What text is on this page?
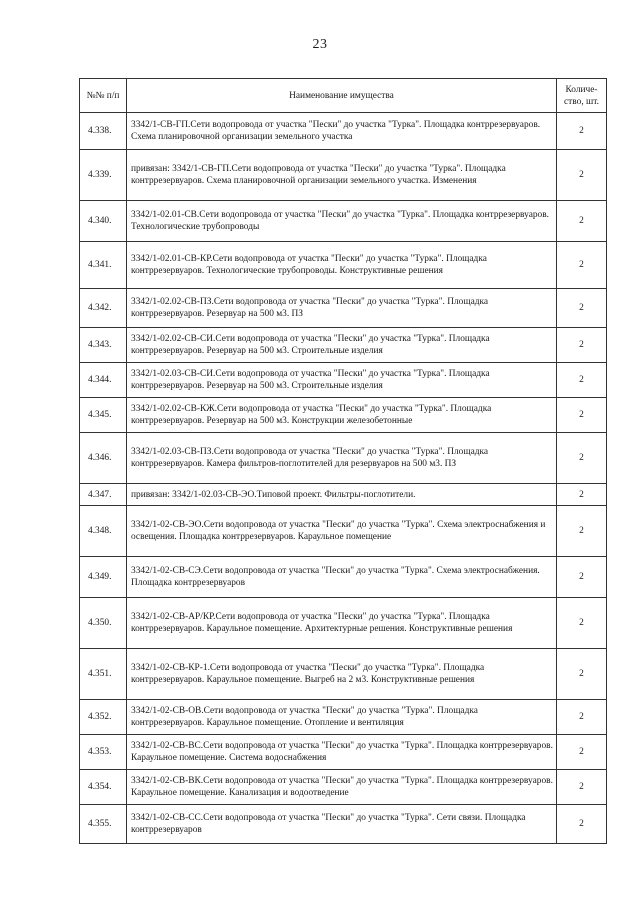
23
№№ п/п	Наименование имущества	Количе-ство, шт.
4.338.	3342/1-СВ-ГП.Сети водопровода от участка "Пески" до участка "Турка". Площадка контррезервуаров. Схема планировочной организации земельного участка	2
4.339.	привязан: 3342/1-СВ-ГП.Сети водопровода от участка "Пески" до участка "Турка". Площадка контррезервуаров. Схема планировочной организации земельного участка. Изменения	2
4.340.	3342/1-02.01-СВ.Сети водопровода от участка "Пески" до участка "Турка". Площадка контррезервуаров. Технологические трубопроводы	2
4.341.	3342/1-02.01-СВ-КР.Сети водопровода от участка "Пески" до участка "Турка". Площадка контррезервуаров. Технологические трубопроводы. Конструктивные решения	2
4.342.	3342/1-02.02-СВ-ПЗ.Сети водопровода от участка "Пески" до участка "Турка". Площадка контррезервуаров. Резервуар на 500 м3. ПЗ	2
4.343.	3342/1-02.02-СВ-СИ.Сети водопровода от участка "Пески" до участка "Турка". Площадка контррезервуаров. Резервуар на 500 м3. Строительные изделия	2
4.344.	3342/1-02.03-СВ-СИ.Сети водопровода от участка "Пески" до участка "Турка". Площадка контррезервуаров. Резервуар на 500 м3. Строительные изделия	2
4.345.	3342/1-02.02-СВ-КЖ.Сети водопровода от участка "Пески" до участка "Турка". Площадка контррезервуаров. Резервуар на 500 м3. Конструкции железобетонные	2
4.346.	3342/1-02.03-СВ-ПЗ.Сети водопровода от участка "Пески" до участка "Турка". Площадка контррезервуаров. Камера фильтров-поглотителей для резервуаров на 500 м3. ПЗ	2
4.347.	привязан: 3342/1-02.03-СВ-ЭО.Типовой проект. Фильтры-поглотители.	2
4.348.	3342/1-02-СВ-ЭО.Сети водопровода от участка "Пески" до участка "Турка". Схема электроснабжения и освещения. Площадка контррезервуаров. Караульное помещение	2
4.349.	3342/1-02-СВ-СЭ.Сети водопровода от участка "Пески" до участка "Турка". Схема электроснабжения. Площадка контррезервуаров	2
4.350.	3342/1-02-СВ-АР/КР.Сети водопровода от участка "Пески" до участка "Турка". Площадка контррезервуаров. Караульное помещение. Архитектурные решения. Конструктивные решения	2
4.351.	3342/1-02-СВ-КР-1.Сети водопровода от участка "Пески" до участка "Турка". Площадка контррезервуаров. Караульное помещение. Выгреб на 2 м3. Конструктивные решения	2
4.352.	3342/1-02-СВ-ОВ.Сети водопровода от участка "Пески" до участка "Турка". Площадка контррезервуаров. Караульное помещение. Отопление и вентиляция	2
4.353.	3342/1-02-СВ-ВС.Сети водопровода от участка "Пески" до участка "Турка". Площадка контррезервуаров. Караульное помещение. Система водоснабжения	2
4.354.	3342/1-02-СВ-ВК.Сети водопровода от участка "Пески" до участка "Турка". Площадка контррезервуаров. Караульное помещение. Канализация и водоотведение	2
4.355.	3342/1-02-СВ-СС.Сети водопровода от участка "Пески" до участка "Турка". Сети связи. Площадка контррезервуаров	2
